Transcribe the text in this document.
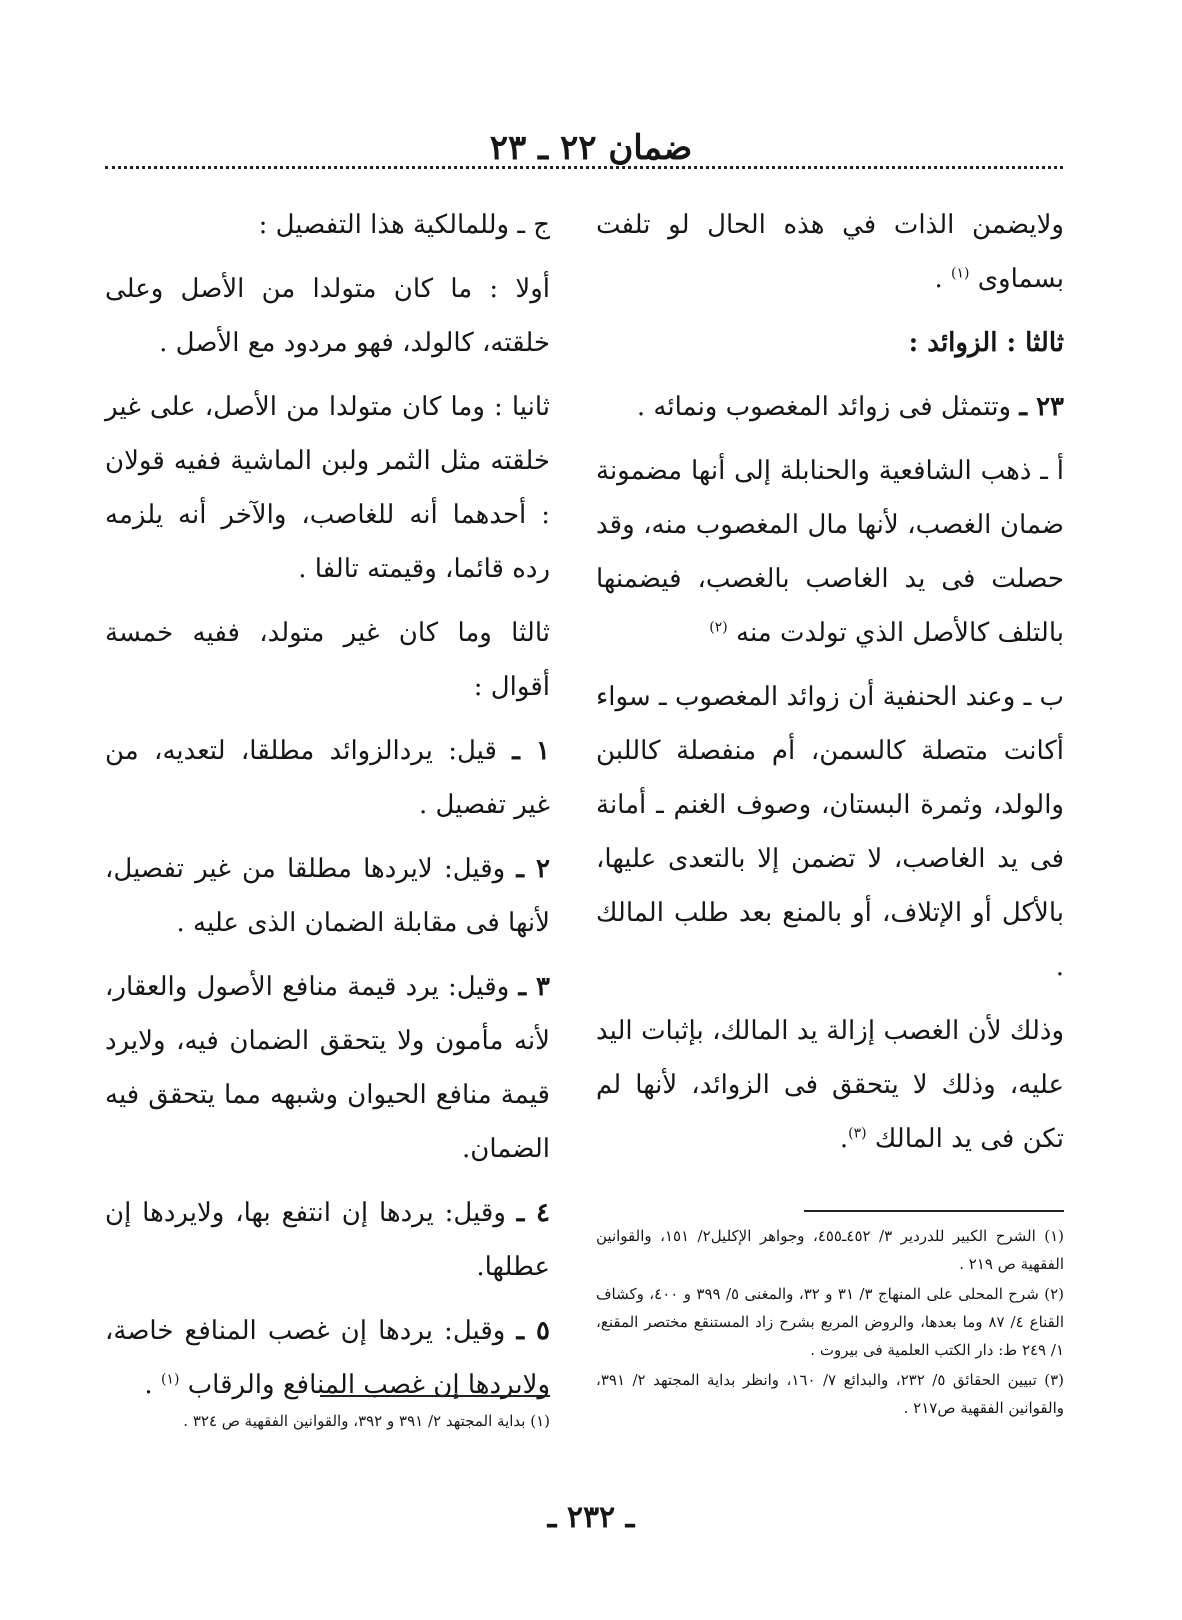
ضمان ٢٢ ـ ٢٣

ولايضمن الذات في هذه الحال لو تلفت بسماوى $^{(١)}$ .

ثالثا : الزوائد :

٢٣ ـ وتتمثل فى زوائد المغصوب ونمائه .

أ ـ ذهب الشافعية والحنابلة إلى أنها مضمونة ضمان الغصب، لأنها مال المغصوب منه، وقد حصلت فى يد الغاصب بالغصب، فيضمنها بالتلف كالأصل الذي تولدت منه $^{(٢)}$

ب ـ وعند الحنفية أن زوائد المغصوب ـ سواء أكانت متصلة كالسمن، أم منفصلة كاللبن والولد، وثمرة البستان، وصوف الغنم ـ أمانة فى يد الغاصب، لا تضمن إلا بالتعدى عليها، بالأكل أو الإتلاف، أو بالمنع بعد طلب المالك .

وذلك لأن الغصب إزالة يد المالك، بإثبات اليد عليه، وذلك لا يتحقق فى الزوائد، لأنها لم تكن فى يد المالك $^{(٣)}$.

ج ـ وللمالكية هذا التفصيل :

أولا : ما كان متولدا من الأصل وعلى خلقته، كالولد، فهو مردود مع الأصل .

ثانيا : وما كان متولدا من الأصل، على غير خلقته مثل الثمر ولبن الماشية ففيه قولان : أحدهما أنه للغاصب، والآخر أنه يلزمه رده قائما، وقيمته تالفا .

ثالثا وما كان غير متولد، ففيه خمسة أقوال :

١ ـ قيل: يردالزوائد مطلقا، لتعديه، من غير تفصيل .

٢ ـ وقيل: لايردها مطلقا من غير تفصيل، لأنها فى مقابلة الضمان الذى عليه .

٣ ـ وقيل: يرد قيمة منافع الأصول والعقار، لأنه مأمون ولا يتحقق الضمان فيه، ولايرد قيمة منافع الحيوان وشبهه مما يتحقق فيه الضمان.

٤ ـ وقيل: يردها إن انتفع بها، ولايردها إن عطلها.

٥ ـ وقيل: يردها إن غصب المنافع خاصة، ولايردها إن غصب المنافع والرقاب $^{(١)}$ .

(١) الشرح الكبير للدردير ٣/ ٤٥٢ـ٤٥٥، وجواهر الإكليل٢/ ١٥١، والقوانين الفقهية ص ٢١٩ .

(٢) شرح المحلى على المنهاج ٣/ ٣١ و ٣٢، والمغنى ٥/ ٣٩٩ و ٤٠٠، وكشاف القناع ٤/ ٨٧ وما بعدها، والروض المربع بشرح زاد المستنقع مختصر المقنع، ١/ ٢٤٩ ط: دار الكتب العلمية فى بيروت .

(٣) تبيين الحقائق ٥/ ٢٣٢، والبدائع ٧/ ١٦٠، وانظر بداية المجتهد ٢/ ٣٩١، والقوانين الفقهية ص٢١٧ .

(١) بداية المجتهد ٢/ ٣٩١ و ٣٩٢، والقوانين الفقهية ص ٣٢٤ .

ـ ٢٣٢ ـ
